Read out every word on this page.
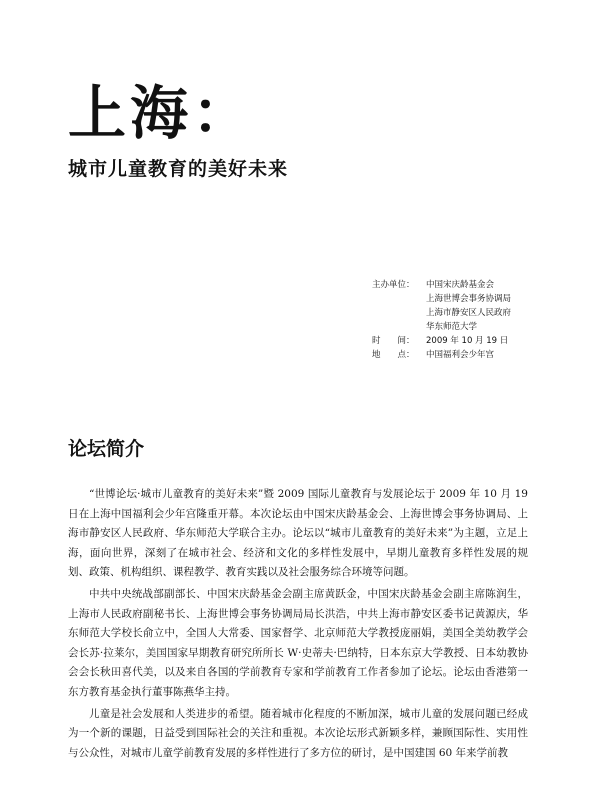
上海：
城市儿童教育的美好未来
主办单位：	中国宋庆龄基金会
上海世博会事务协调局
上海市静安区人民政府
华东师范大学
时　　间：	2009 年 10 月 19 日
地　　点：	中国福利会少年宫
论坛简介

“世博论坛·城市儿童教育的美好未来”暨 2009 国际儿童教育与发展论坛于 2009 年 10 月 19 日在上海中国福利会少年宫隆重开幕。本次论坛由中国宋庆龄基金会、上海世博会事务协调局、上海市静安区人民政府、华东师范大学联合主办。论坛以“城市儿童教育的美好未来”为主题，立足上海，面向世界，深刻了在城市社会、经济和文化的多样性发展中，早期儿童教育多样性发展的规划、政策、机构组织、课程教学、教育实践以及社会服务综合环境等问题。

中共中央统战部副部长、中国宋庆龄基金会副主席黄跃金，中国宋庆龄基金会副主席陈润生，上海市人民政府副秘书长、上海世博会事务协调局局长洪浩，中共上海市静安区委书记黄源庆，华东师范大学校长俞立中，全国人大常委、国家督学、北京师范大学教授庞丽娟，美国全美幼教学会会长苏·拉莱尔，美国国家早期教育研究所所长 W·史蒂夫·巴纳特，日本东京大学教授、日本幼教协会会长秋田喜代美，以及来自各国的学前教育专家和学前教育工作者参加了论坛。论坛由香港第一东方教育基金执行董事陈燕华主持。

儿童是社会发展和人类进步的希望。随着城市化程度的不断加深，城市儿童的发展问题已经成为一个新的课题，日益受到国际社会的关注和重视。本次论坛形式新颖多样，兼顾国际性、实用性与公众性，对城市儿童学前教育发展的多样性进行了多方位的研讨，是中国建国 60 年来学前教
